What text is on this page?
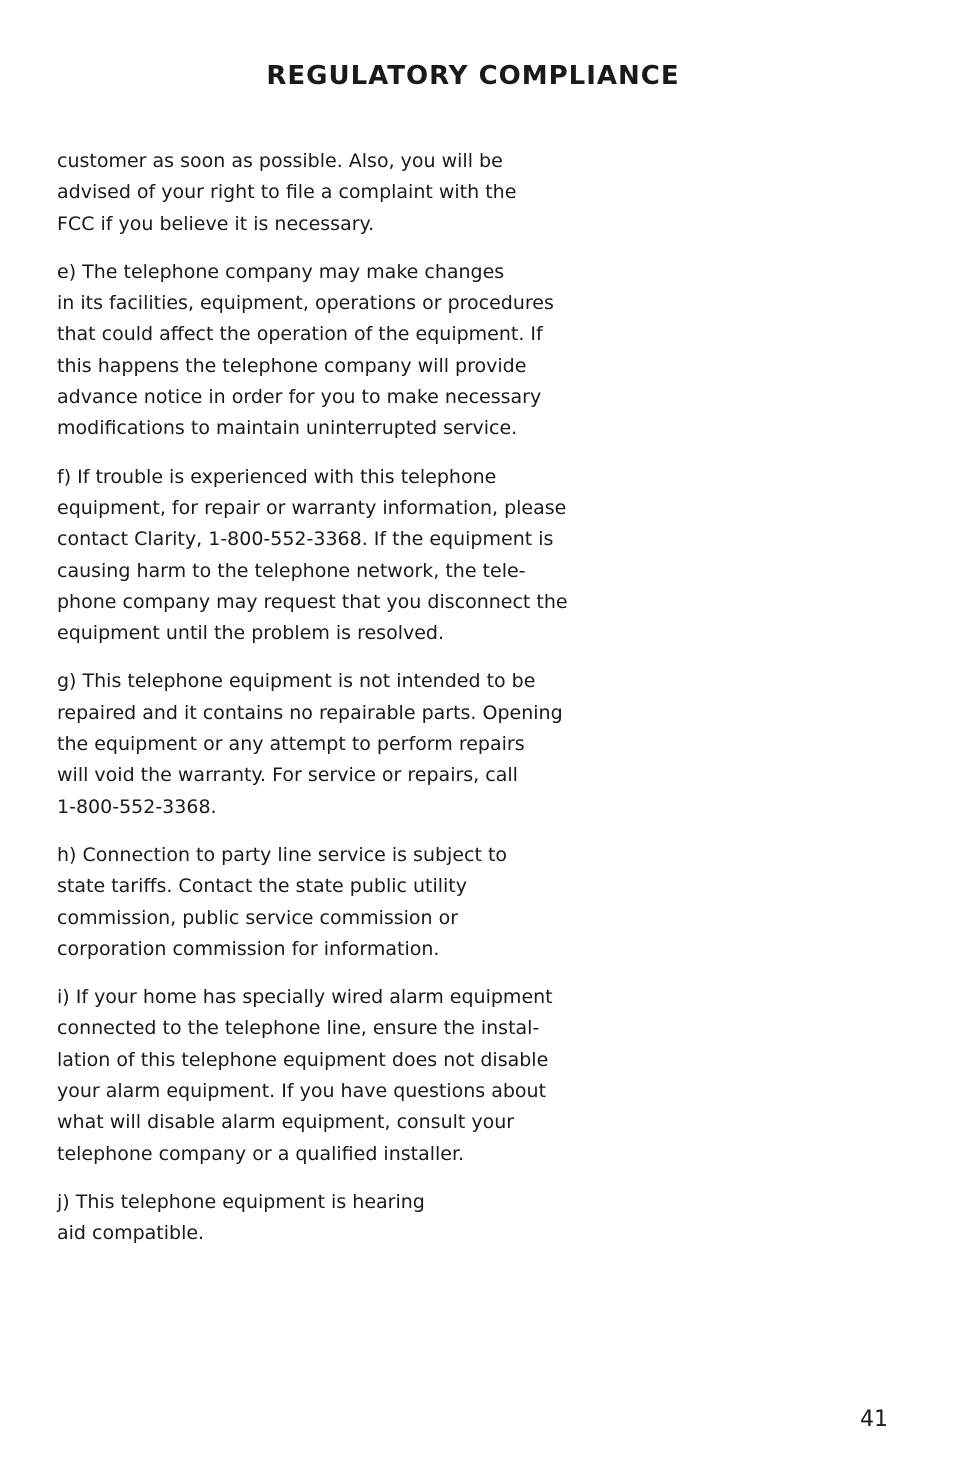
REGULATORY COMPLIANCE

customer as soon as possible. Also, you will be
advised of your right to file a complaint with the
FCC if you believe it is necessary.

e) The telephone company may make changes
in its facilities, equipment, operations or procedures
that could affect the operation of the equipment. If
this happens the telephone company will provide
advance notice in order for you to make necessary
modifications to maintain uninterrupted service.

f) If trouble is experienced with this telephone
equipment, for repair or warranty information, please
contact Clarity, 1-800-552-3368. If the equipment is
causing harm to the telephone network, the tele-
phone company may request that you disconnect the
equipment until the problem is resolved.

g) This telephone equipment is not intended to be
repaired and it contains no repairable parts. Opening
the equipment or any attempt to perform repairs
will void the warranty. For service or repairs, call
1-800-552-3368.

h) Connection to party line service is subject to
state tariffs. Contact the state public utility
commission, public service commission or
corporation commission for information.

i) If your home has specially wired alarm equipment
connected to the telephone line, ensure the instal-
lation of this telephone equipment does not disable
your alarm equipment. If you have questions about
what will disable alarm equipment, consult your
telephone company or a qualified installer.

j) This telephone equipment is hearing
aid compatible.

41
